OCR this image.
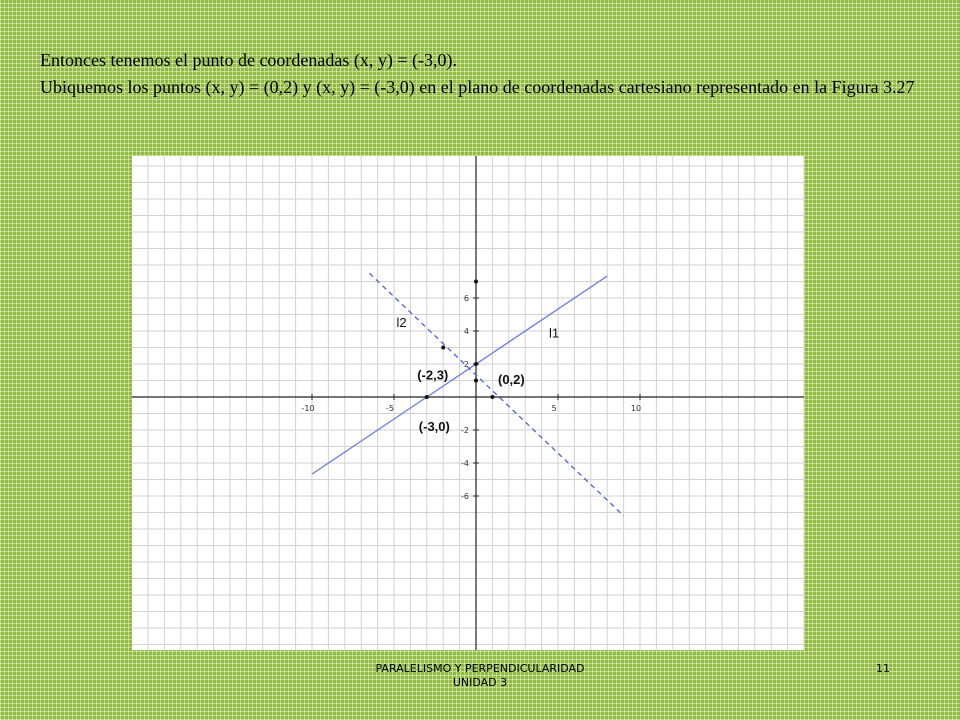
Entonces tenemos el punto de coordenadas (x, y) = (-3,0).

Ubiquemos los puntos (x, y) = (0,2) y (x, y) = (-3,0) en el plano de coordenadas cartesiano representado en la Figura 3.27

-10	-5	5	10
6
4
2
-2
-4
-6
(-3,0)
(-2,3)	(0,2)
l2
l1
PARALELISMO Y PERPENDICULARIDAD
UNIDAD 3
11
